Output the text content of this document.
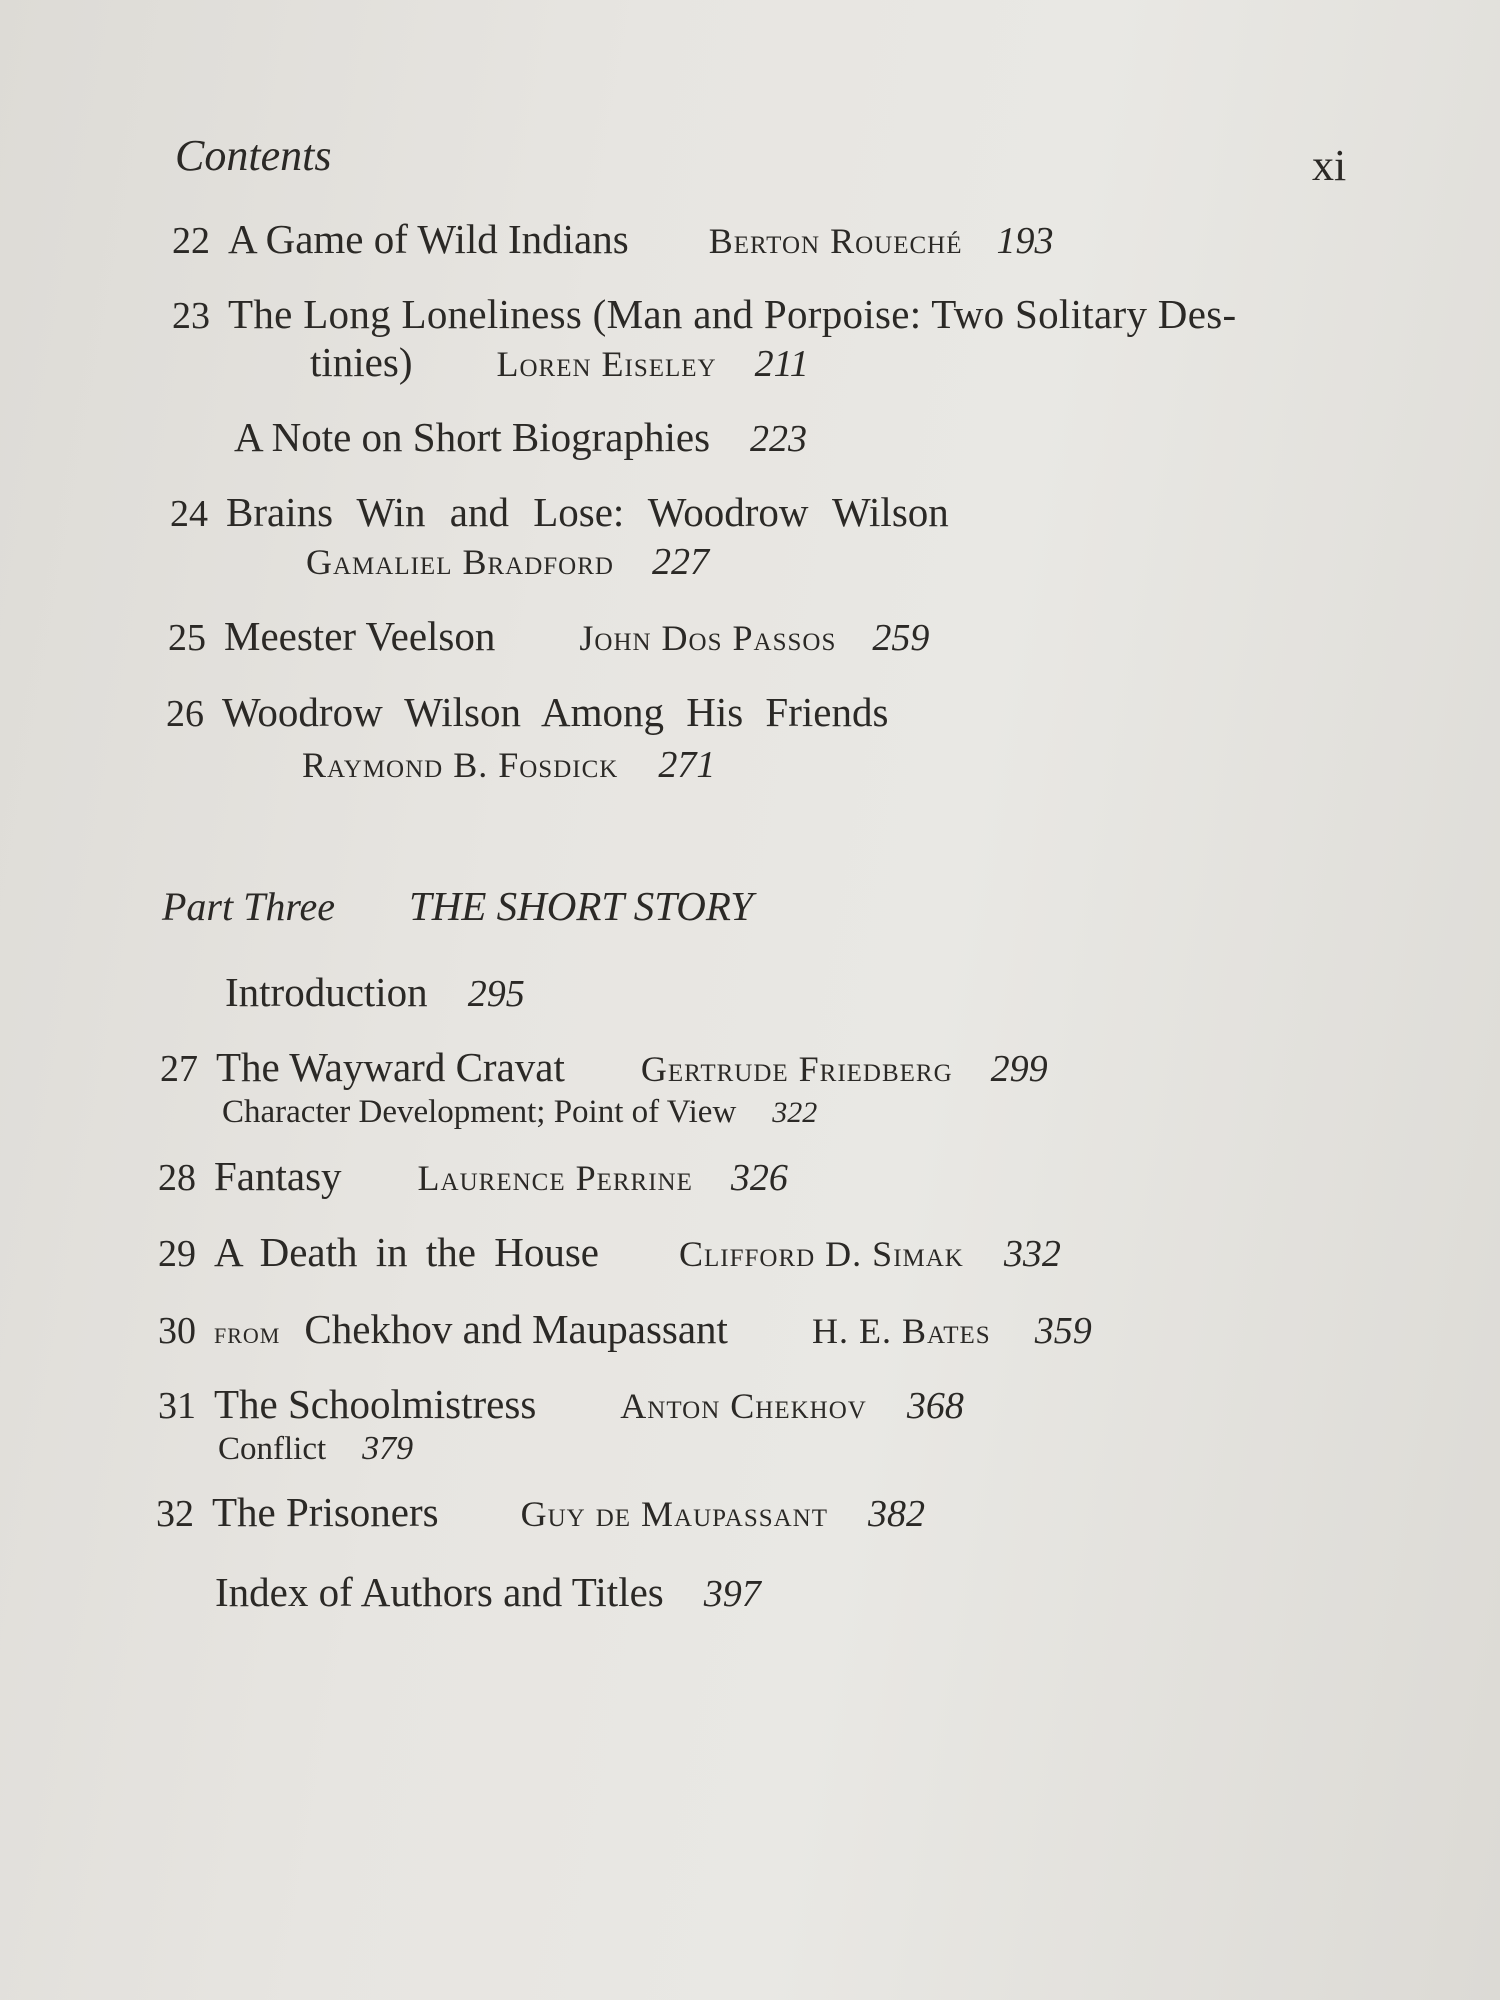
Contents	xi
22 A Game of Wild Indians Berton Roueché 193
23 The Long Loneliness (Man and Porpoise: Two Solitary Des-
tinies) Loren Eiseley 211
A Note on Short Biographies 223
24 Brains Win and Lose: Woodrow Wilson
Gamaliel Bradford 227
25 Meester Veelson John Dos Passos 259
26 Woodrow Wilson Among His Friends
Raymond B. Fosdick 271
Part Three THE SHORT STORY
Introduction 295
27 The Wayward Cravat Gertrude Friedberg 299
Character Development; Point of View 322
28 Fantasy Laurence Perrine 326
29 A Death in the House Clifford D. Simak 332
30 from Chekhov and Maupassant H. E. Bates 359
31 The Schoolmistress Anton Chekhov 368
Conflict 379
32 The Prisoners Guy de Maupassant 382
Index of Authors and Titles 397
